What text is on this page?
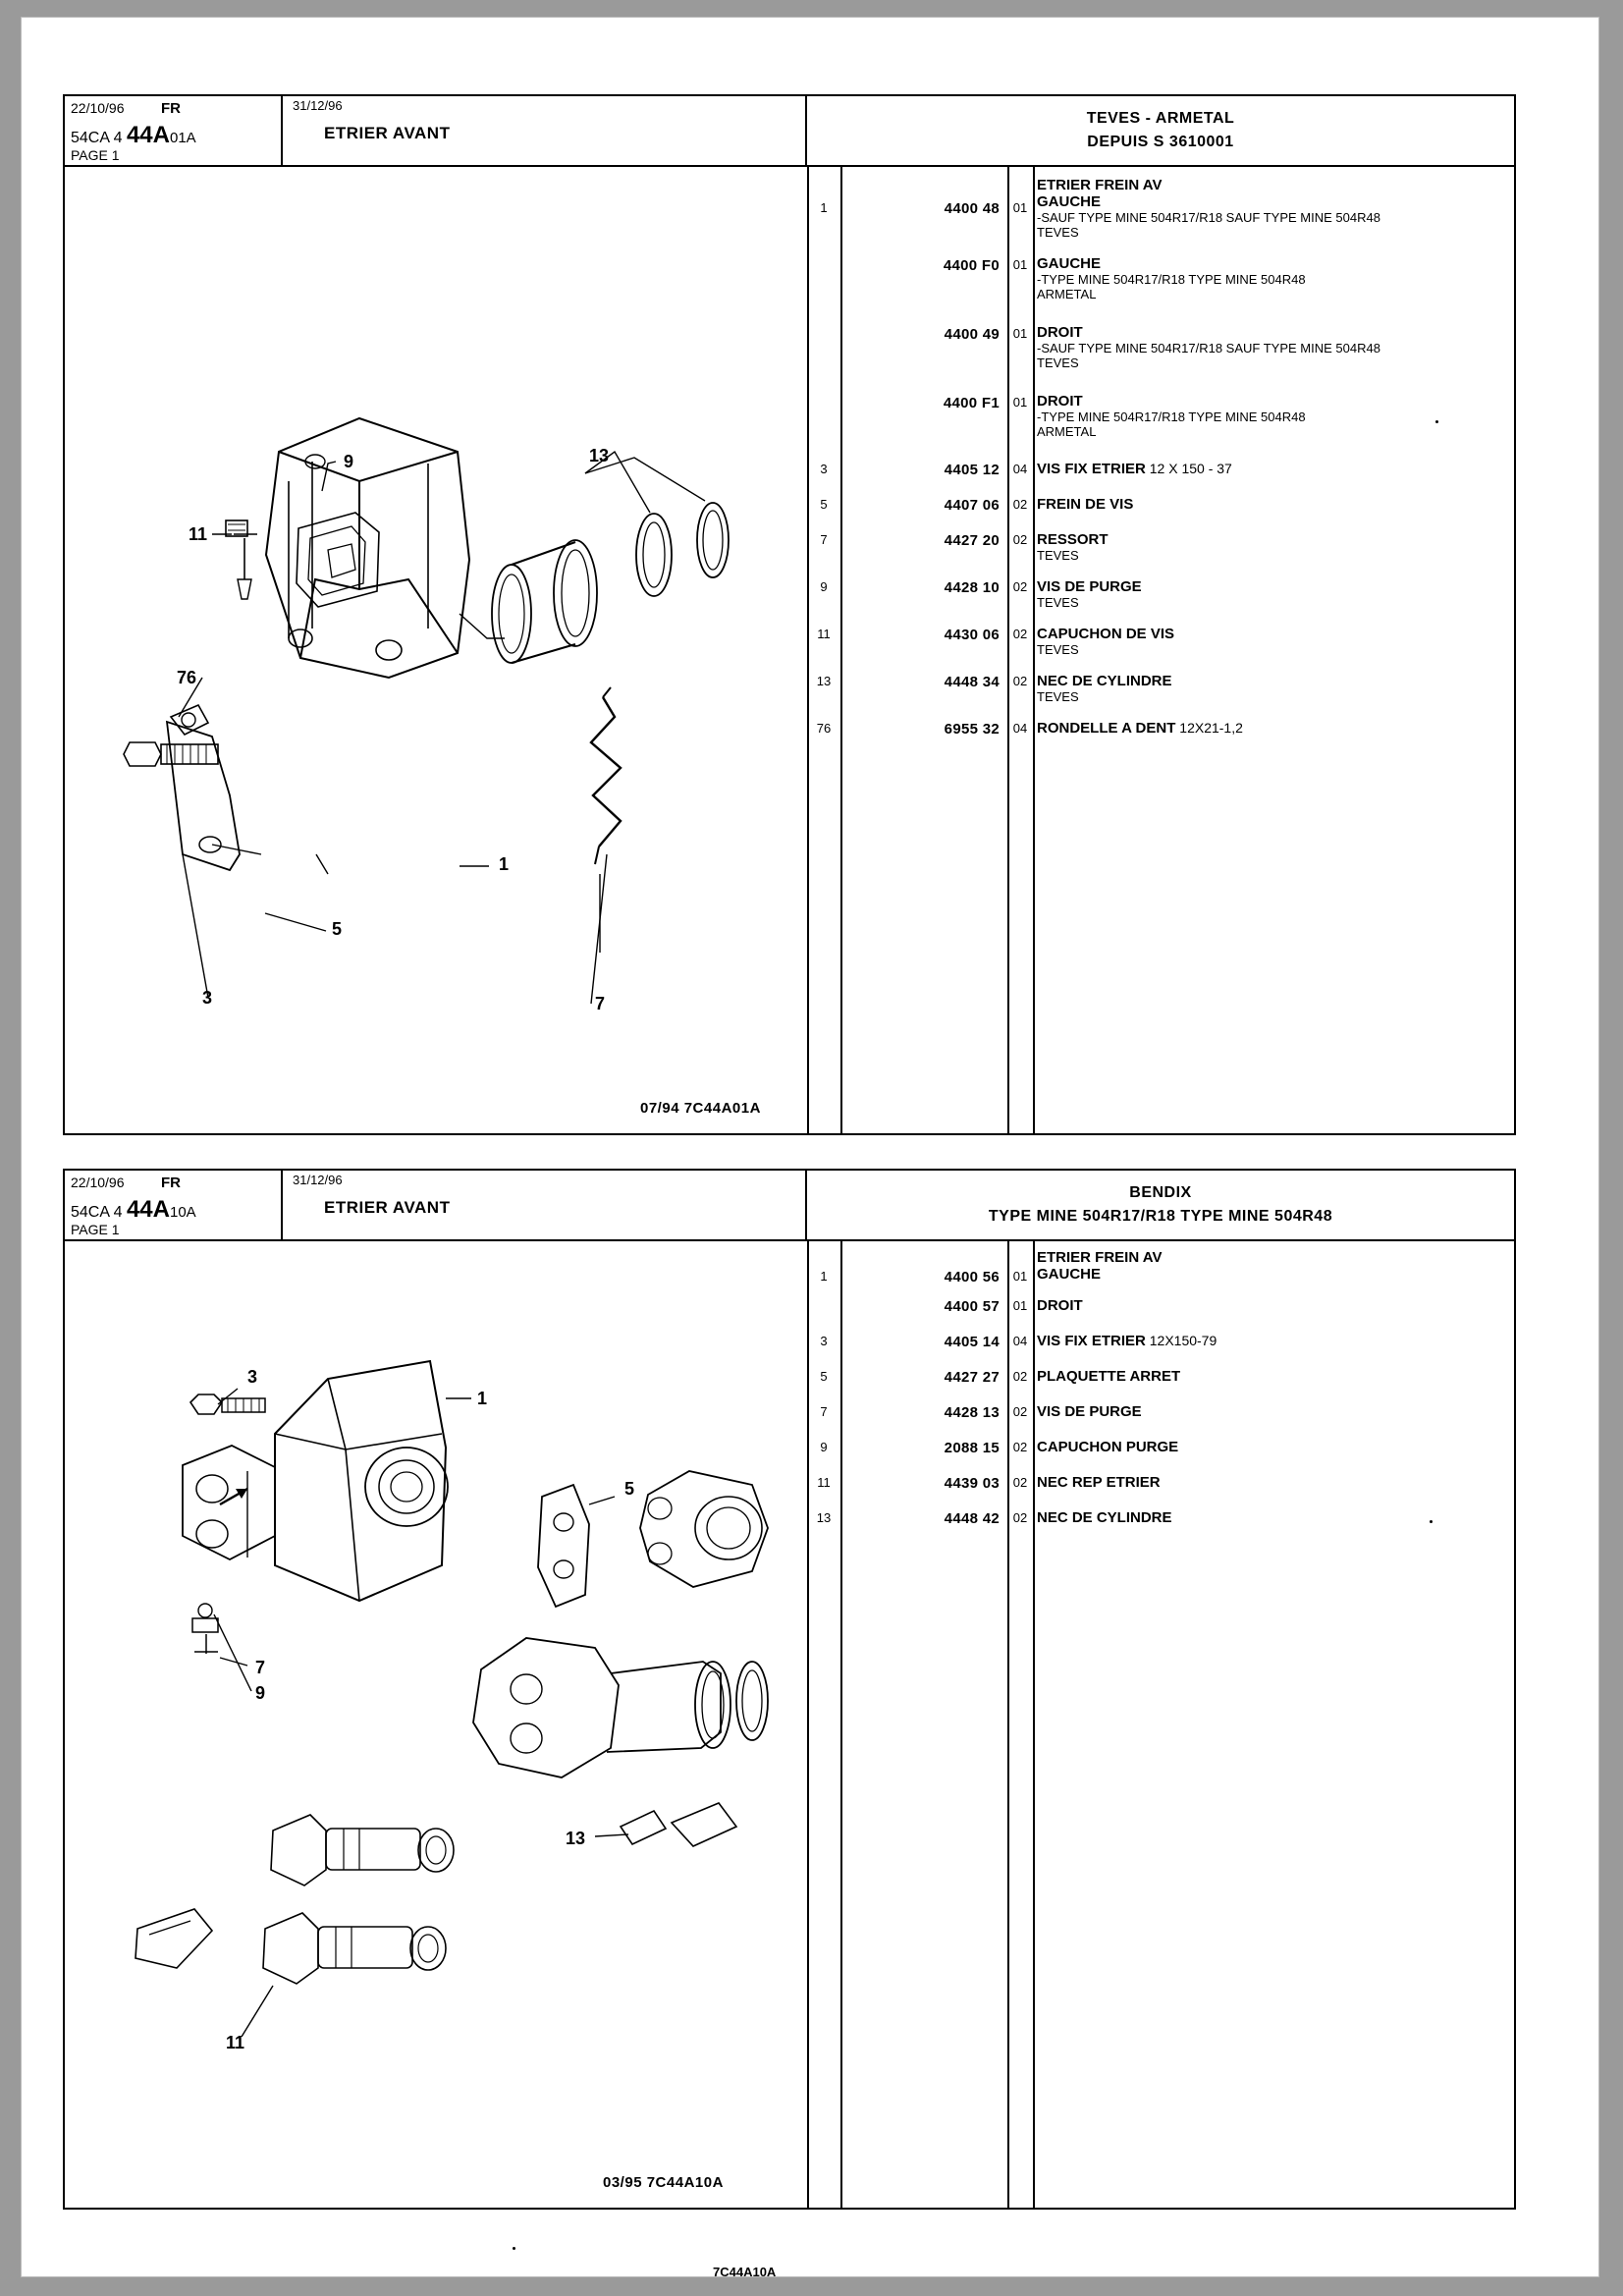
22/10/96	FR
54CA 4 44A01A
PAGE 1
31/12/96
ETRIER AVANT
TEVES - ARMETAL
DEPUIS S 3610001
9
11
76
13
1
5
3	7
07/94 7C44A01A
1	4400 48	01
ETRIER FREIN AV
GAUCHE
-SAUF TYPE MINE 504R17/R18 SAUF TYPE MINE 504R48
TEVES
4400 F0	01 GAUCHE
-TYPE MINE 504R17/R18 TYPE MINE 504R48
ARMETAL
4400 49	01 DROIT
-SAUF TYPE MINE 504R17/R18 SAUF TYPE MINE 504R48
TEVES
4400 F1	01 DROIT
-TYPE MINE 504R17/R18 TYPE MINE 504R48
ARMETAL
3	4405 12	04 VIS FIX ETRIER 12 X 150 - 37
5	4407 06	02 FREIN DE VIS
7	4427 20	02 RESSORT
TEVES
9	4428 10	02 VIS DE PURGE
TEVES
11	4430 06	02 CAPUCHON DE VIS
TEVES
13	4448 34	02 NEC DE CYLINDRE
TEVES
76	6955 32	04 RONDELLE A DENT 12X21-1,2
22/10/96	FR
54CA 4 44A10A
PAGE 1
31/12/96
ETRIER AVANT
BENDIX
TYPE MINE 504R17/R18 TYPE MINE 504R48
3
1
5
7
9
13
11
03/95 7C44A10A
7C44A10A
1	4400 56	01
ETRIER FREIN AV
GAUCHE
4400 57	01 DROIT
3	4405 14	04 VIS FIX ETRIER 12X150-79
5	4427 27	02 PLAQUETTE ARRET
7	4428 13	02 VIS DE PURGE
9	2088 15	02 CAPUCHON PURGE
11	4439 03	02 NEC REP ETRIER
13	4448 42	02 NEC DE CYLINDRE
